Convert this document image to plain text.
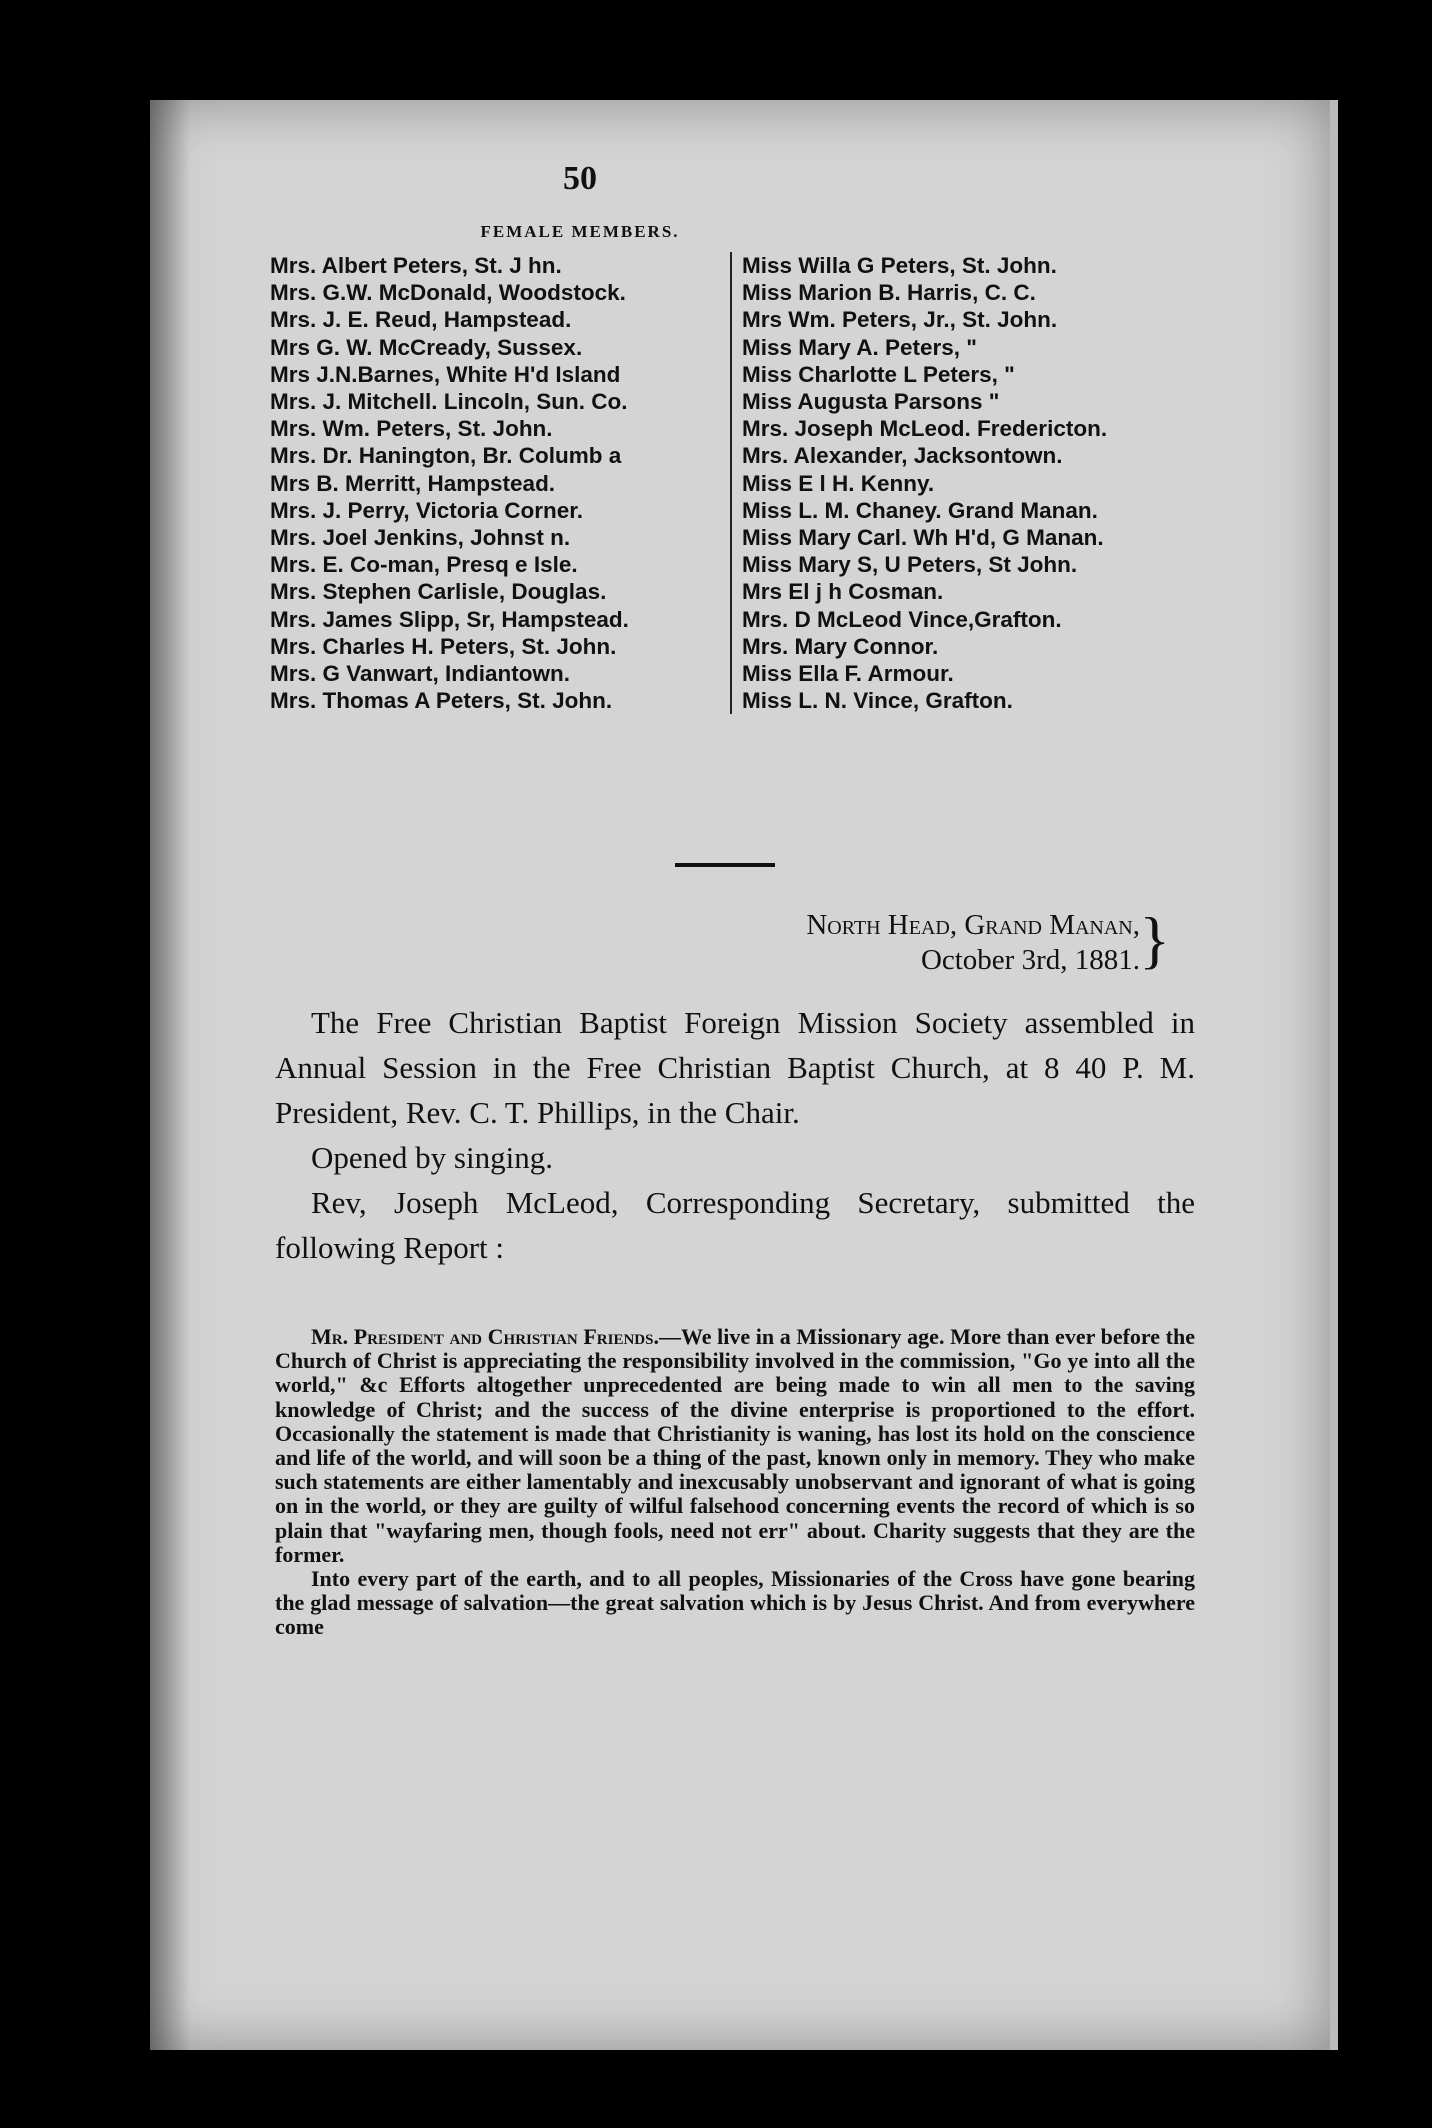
50
FEMALE MEMBERS.
Mrs. Albert Peters, St. J hn.
Mrs. G.W. McDonald, Woodstock.
Mrs. J. E. Reud, Hampstead.
Mrs G. W. McCready, Sussex.
Mrs J.N.Barnes, White H'd Island
Mrs. J. Mitchell. Lincoln, Sun. Co.
Mrs. Wm. Peters, St. John.
Mrs. Dr. Hanington, Br. Columb a
Mrs B. Merritt, Hampstead.
Mrs. J. Perry, Victoria Corner.
Mrs. Joel Jenkins, Johnst n.
Mrs. E. Co-man, Presq e Isle.
Mrs. Stephen Carlisle, Douglas.
Mrs. James Slipp, Sr, Hampstead.
Mrs. Charles H. Peters, St. John.
Mrs. G Vanwart, Indiantown.
Mrs. Thomas A Peters, St. John.
Miss Willa G Peters, St. John.
Miss Marion B. Harris, C. C.
Mrs Wm. Peters, Jr., St. John.
Miss Mary A. Peters, "
Miss Charlotte L Peters, "
Miss Augusta Parsons "
Mrs. Joseph McLeod. Fredericton.
Mrs. Alexander, Jacksontown.
Miss E l H. Kenny.
Miss L. M. Chaney. Grand Manan.
Miss Mary Carl. Wh H'd, G Manan.
Miss Mary S, U Peters, St John.
Mrs El j h Cosman.
Mrs. D McLeod Vince,Grafton.
Mrs. Mary Connor.
Miss Ella F. Armour.
Miss L. N. Vince, Grafton.
North Head, Grand Manan,
October 3rd, 1881. }

The Free Christian Baptist Foreign Mission Society assembled in Annual Session in the Free Christian Baptist Church, at 8 40 P. M. President, Rev. C. T. Phillips, in the Chair.

Opened by singing.

Rev, Joseph McLeod, Corresponding Secretary, submitted the following Report :

Mr. President and Christian Friends.—We live in a Missionary age. More than ever before the Church of Christ is appreciating the responsibility involved in the commission, "Go ye into all the world," &c Efforts altogether unprecedented are being made to win all men to the saving knowledge of Christ; and the success of the divine enterprise is proportioned to the effort. Occasionally the statement is made that Christianity is waning, has lost its hold on the conscience and life of the world, and will soon be a thing of the past, known only in memory. They who make such statements are either lamentably and inexcusably unobservant and ignorant of what is going on in the world, or they are guilty of wilful falsehood concerning events the record of which is so plain that "wayfaring men, though fools, need not err" about. Charity suggests that they are the former.

Into every part of the earth, and to all peoples, Missionaries of the Cross have gone bearing the glad message of salvation—the great salvation which is by Jesus Christ. And from everywhere come
